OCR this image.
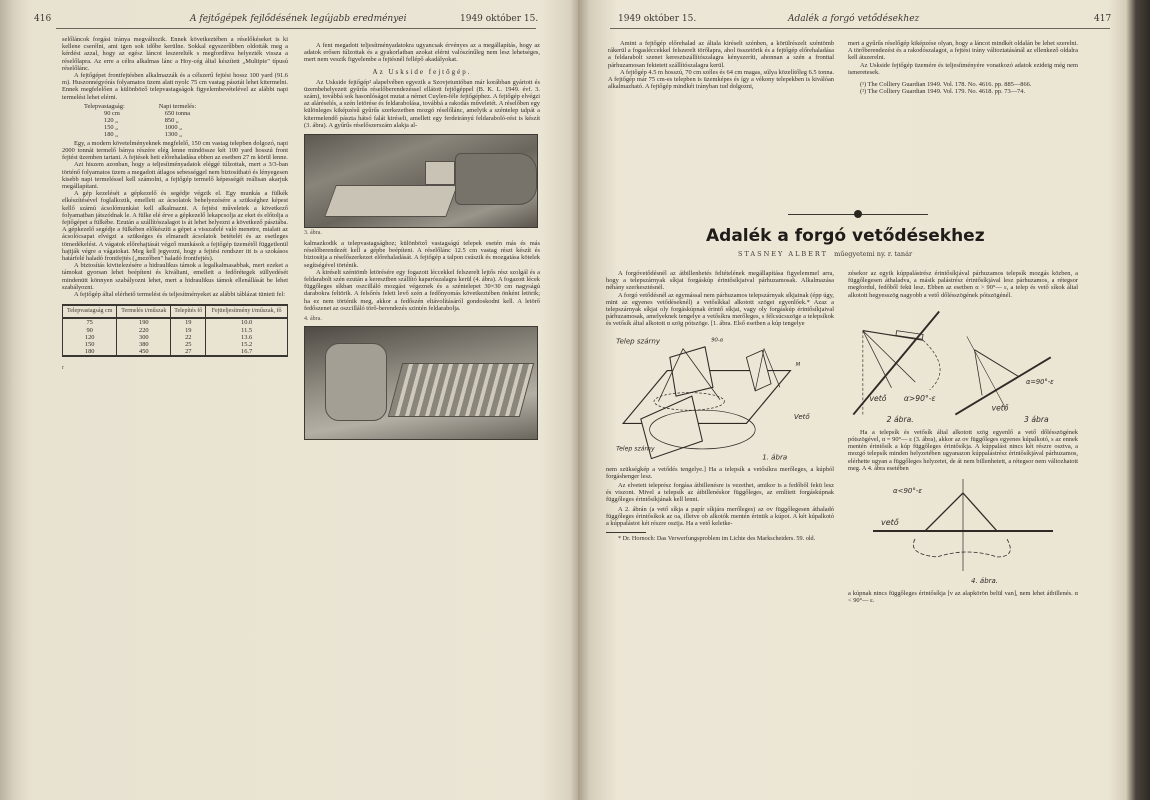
416	A fejtőgépek fejlődésének legújabb eredményei	1949 október 15.

selőláncok forgási iránya megváltozik. Ennek következtében a réselőkéseket is ki kellene cserélni, ami igen sok időbe kerülne. Sokkal egyszerűbben oldották meg a kérdést azzal, hogy az egész láncot leszerelték s megfordítva helyezték vissza a réselőlapra. Az erre a célra alkalmas lánc a Hoy-cég által készített „Multipie" típusú réselőlánc.

A fejtőgépet frontfejtésben alkalmazzák és a célszerű fejtési hossz 100 yard (91.6 m). Huszonnégyórás folyamatos üzem alatt nyolc 75 cm vastag pásztát lehet kitermelni. Ennek megfelelően a különböző telepvastagságok figyelembevételével az alábbi napi termelést lehet elérni.

Telepvastagság:	Napi termelés:
90 cm	650 tonna
120 „	850 „
150 „	1000 „
180 „	1300 „

Egy, a modern követelményeknek megfelelő, 150 cm vastag telepben dolgozó, napi 2000 tonnát termelő bánya részére elég lenne mindössze két 100 yard hosszú front fejtést üzemben tartani. A fejtések heti előrehaladása ebben az esetben 27 m körül lenne.

Azt hiszem azonban, hogy a teljesítményadatok eléggé túlzottak, mert a 3/3-ban történő folyamatos üzem a megadott átlagos sebességgel nem biztosítható és lényegesen kisebb napi termeléssel kell számolni, a fejtőgép termelő képességét reálisan akarjuk megállapítani.

A gép kezelését a gépkezelő és segédje végzik el. Egy munkás a fülkék elkészítésével foglalkozik, emellett az ácsolatok behelyezésére a szükséghez képest kellő számú ácsolómunkást kell alkalmazni. A fejtési műveletek a következő folyamatban játszódnak le. A fülke elé érve a gépkezelő lekapcsolja az eket és előtolja a fejtőgépet a fülkébe. Ezután a szállítószalagot is át lehet helyezni a következő pásztába. A gépkezelő segédje a fülkében előkészíti a gépet a visszafelé való menetre, mialatt az ácsolócsapat elvégzi a szükséges és elmaradt ácsolatok betételét és az esetleges tömedékelést. A vágatok előrehajtását végző munkások a fejtőgép üzemétől függetlenül hajtják végre a vágatokat. Meg kell jegyezni, hogy a fejtési rendszer itt is a szokásos határfelé haladó frontfejtés („mezőben" haladó frontfejtés).

A biztosítás kivitelezésére a hidraulikus támok a legalkalmasabbak, mert ezeket a támokat gyorsan lehet beépíteni és kiváltani, emellett a fedőrétegek süllyedését mindenütt könnyen szabályozni lehet, mert a hidraulikus támok ellenállását be lehet szabályozni.

A fejtőgép által elérhető termelést és teljesítményeket az alábbi táblázat tünteti fel:

Telepvastagság cm	Termelés t/műszak	Telepítés fő	Fejtteljesítmény t/műszak, fő
75	190	19	10.0
90	220	19	11.5
120	300	22	13.6
150	380	25	15.2
180	450	27	16.7
r

A fent megadott teljesítményadatokra ugyancsak érvényes az a megállapítás, hogy az adatok erősen túlzottak és a gyakorlatban azokat elérni valószínűleg nem lesz lehetséges, mert nem veszik figyelembe a fejtésnél fellépő akadályokat.

Az Uskside fejtőgép.

Az Uskside fejtőgép² alapelvében egyezik a Szovjetunióban már korábban gyártott és üzembehelyezett gyűrűs réselőberendezéssel ellátott fejtőgéppel (B. K. L. 1949. évf. 3. szám), továbbá sok hasonlóságot mutat a német Cuylen-féle fejtőgéphez. A fejtőgép elvégzi az aláréselés, a szén letörése és feldarabolása, továbbá a rakodás műveletét. A réselőben egy különleges kiképzésű gyűrűs szerkezetben mozgó réselőlánc, amelyik a széntelep talpát a kitermelendő pászta hátsó falát kiréseli, amellett egy ferdeirányú feldaraboló-rést is készít (3. ábra). A gyűrűs réselőszerszám alakja al-

3. ábra.

kalmazkodik a telepvastagsághoz; különböző vastagságú telepek esetén más és más réselőberendezét kell a gépbe beépíteni. A réselőlánc 12.5 cm vastag részt készít és biztosítja a réselőszerkezet előrehaladását. A fejtőgép a talpon csúszik és mozgatása kötelek segítségével történik.

A kiréselt széntömb letörésére egy fogazott léccekkel felszerelt lejtős rész szolgál és a feldarabolt szén ezután a keresztben szállító kaparószalagra kerül (4. ábra). A fogazott lécek függőleges síkban oszcilláló mozgást végeznek és a széntelepet 30×30 cm nagyságú darabokra feltörik. A felsőrés felett levő szén a fedőnyomás következtében önként letörik; ha ez nem történik meg, akkor a fedőszén eltávolításáról gondoskodni kell. A letörő fedőszenet az oszcilláló törő-berendezés szintén feldarabolja.

4. ábra.
1949 október 15.	Adalék a forgó vetődésekhez	417

Amint a fejtőgép előrehalad az általa kiréselt szénben, a körülrészelt széntömb rákerül a fogasléccekkel felszerelt törőlapra, ahol összetörik és a fejtőgép előrehaladása a feldarabolt szenet keresztszállítószalagra kényszeríti, ahonnan a szén a fronttal párhuzamosan fektetett szállítószalagra kerül.

A fejtőgép 4.5 m hosszú, 70 cm széles és 64 cm magas, súlya közelítőleg 6.5 tonna. A fejtőgép már 75 cm-es telepben is üzemképes és így a vékony telepekben is kiválóan alkalmazható. A fejtőgép mindkét irányban tud dolgozni,

mert a gyűrűs réselőgép kiképzése olyan, hogy a láncot mindkét oldalán be lehet szerelni. A törőberendezést és a rakodószalagot, a fejtési irány változtatásánál az ellenkező oldalra kell átszerelni.

Az Uskside fejtőgép üzemére és teljesítményére vonatkozó adatok ezideig még nem ismeretesek.

(¹) The Colliery Guardian 1949. Vol. 178. No. 4616. pp. 885—866.

(²) The Colliery Guardian 1949. Vol. 179. No. 4618. pp. 73—74.

Adalék a forgó vetődésekhez
STASNEY ALBERT műegyetemi ny. r. tanár

A forgóvetődésnél az átbillenhetés feltételének megállapítása figyelemmel arra, hogy a telepszárnyak síkjai forgáskúp érintősíkjaival párhuzamosak. Alkalmazása néhány szerkesztésnél.

A forgó vetődésnél az egymással nem párhuzamos telepszárnyak síkjainak (épp úgy, mint az egyenes vetődéseknél) a vetősíkkal alkotott szögei egyenlőek.* Azaz a telepszárnyak síkjai oly forgáskúpnak érintő síkjai, vagy oly forgáskúp érintősíkjaival párhuzamosak, amelyeknek tengelye a vetősíkra merőleges, s félcsúcsszöge a telepsíkok és vetősík által alkotott α szög pótszöge. [1. ábra. Első esetben a kúp tengelye

Telep szárny
Telep szárny
Vető
1. ábra
90-α
M

nem szükségkép a vetődés tengelye.] Ha a telepsík a vetősíkra merőleges, a kúpból forgáshenger lesz.

Az elvetett teleprész forgása átbillenésre is vezethet, amikor is a fedőből fekü lesz és viszont. Mivel a telepsík az átbillenéskor függőleges, az említett forgáskúpnak függőleges érintősíkjának kell lenni.

A 2. ábrán (a vető síkja a papír síkjára merőleges) az ov függőlegesen áthaladó függőleges érintősíkok az oa, illetve ob alkotók mentén érintik a kúpot. A két kúpalkotó a kúppalástot két részre osztja. Ha a vető keletke-

* Dr. Hornoch: Das Verwerfungsproblem im Lichte des Markscheiders. 59. old.

zésekor az egyik kúppalástrész érintősíkjával párhuzamos telepsík mozgás közben, a függőlegesen áthaladva, a másik palástrész érintősíkjával lesz párhuzamos, a rétegsor megfordul, fedőből fekü lesz. Ebben az esetben α > 90°— ε, a telep és vető síkok által alkotott hegyesszög nagyobb a vető dőlésszögének pótszögénél.

vető α>90°-ε
2 ábra.
vető
α=90°-ε
3 ábra

Ha a telepsík és vetősík által alkotott szög egyenlő a vető dőlésszögének pótszögével, α = 90°— ε (3. ábra), akkor az ov függőleges egyenes kúpalkotó, s az ennek mentén érintősík a kúp függőleges érintősíkja. A kúppalást nincs két részre osztva, a mozgó telepsík minden helyzetében ugyanazon kúppalástrész érintősíkjával párhuzamos, elérhette ugyan a függőleges helyzetet, de át nem billenhetett, a rétegsor nem változhatott meg. A 4. ábra esetében

vető
α<90°-ε
4. ábra.

a kúpnak nincs függőleges érintősíkja [v az alapkörön belül van], nem lehet átbillenés. α < 90°— ε.
